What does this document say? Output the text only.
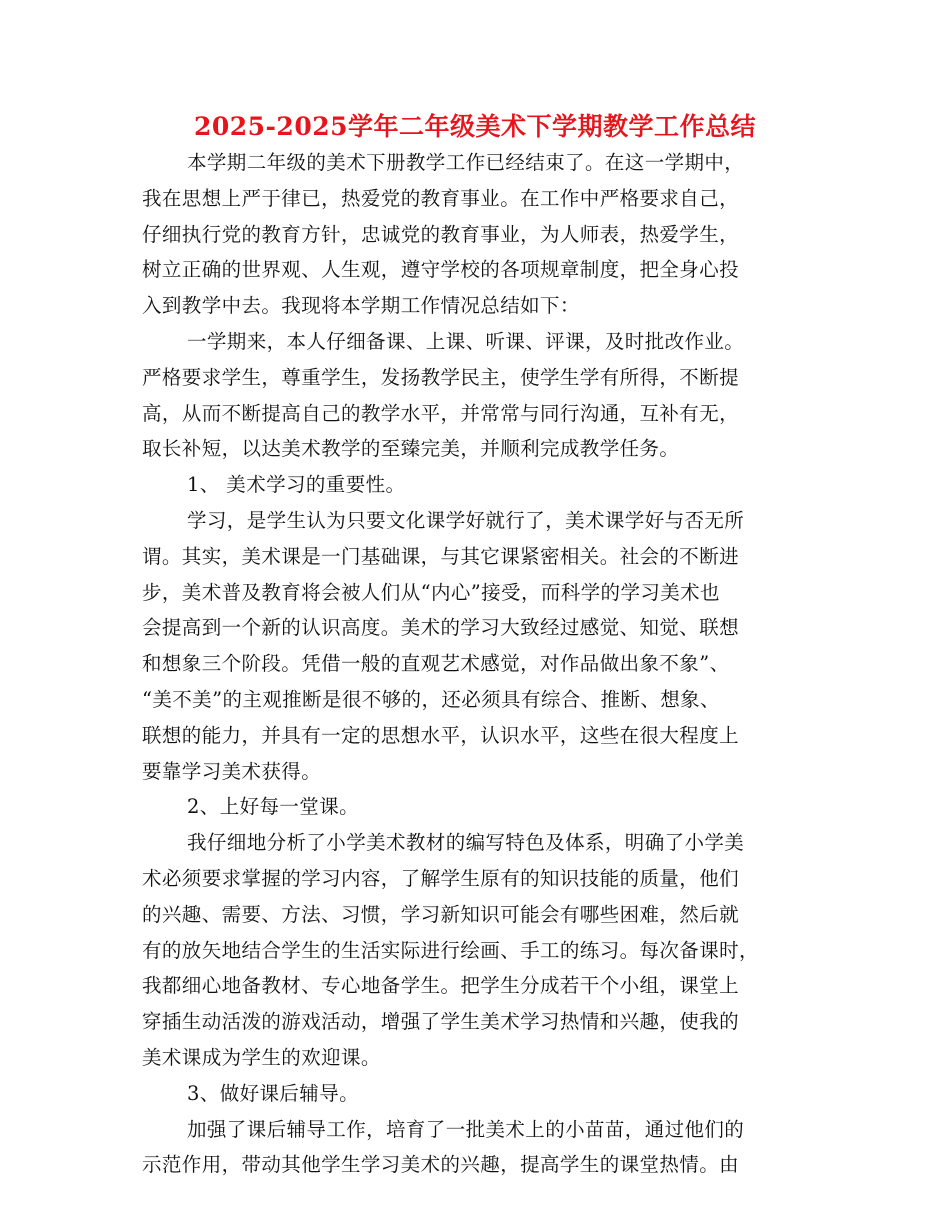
2025-2025学年二年级美术下学期教学工作总结
本学期二年级的美术下册教学工作已经结束了。在这一学期中，
我在思想上严于律已，热爱党的教育事业。在工作中严格要求自己，
仔细执行党的教育方针，忠诚党的教育事业，为人师表，热爱学生，
树立正确的世界观、人生观，遵守学校的各项规章制度，把全身心投
入到教学中去。我现将本学期工作情况总结如下：
一学期来，本人仔细备课、上课、听课、评课，及时批改作业。
严格要求学生，尊重学生，发扬教学民主，使学生学有所得，不断提
高，从而不断提高自己的教学水平，并常常与同行沟通，互补有无，
取长补短，以达美术教学的至臻完美，并顺利完成教学任务。
1、 美术学习的重要性。
学习，是学生认为只要文化课学好就行了，美术课学好与否无所
谓。其实，美术课是一门基础课，与其它课紧密相关。社会的不断进
步，美术普及教育将会被人们从“内心”接受，而科学的学习美术也
会提高到一个新的认识高度。美术的学习大致经过感觉、知觉、联想
和想象三个阶段。凭借一般的直观艺术感觉，对作品做出象不象”、
“美不美”的主观推断是很不够的，还必须具有综合、推断、想象、
联想的能力，并具有一定的思想水平，认识水平，这些在很大程度上
要靠学习美术获得。
2、上好每一堂课。
我仔细地分析了小学美术教材的编写特色及体系，明确了小学美
术必须要求掌握的学习内容，了解学生原有的知识技能的质量，他们
的兴趣、需要、方法、习惯，学习新知识可能会有哪些困难，然后就
有的放矢地结合学生的生活实际进行绘画、手工的练习。每次备课时，
我都细心地备教材、专心地备学生。把学生分成若干个小组，课堂上
穿插生动活泼的游戏活动，增强了学生美术学习热情和兴趣，使我的
美术课成为学生的欢迎课。
3、做好课后辅导。
加强了课后辅导工作，培育了一批美术上的小苗苗，通过他们的
示范作用，带动其他学生学习美术的兴趣，提高学生的课堂热情。由
